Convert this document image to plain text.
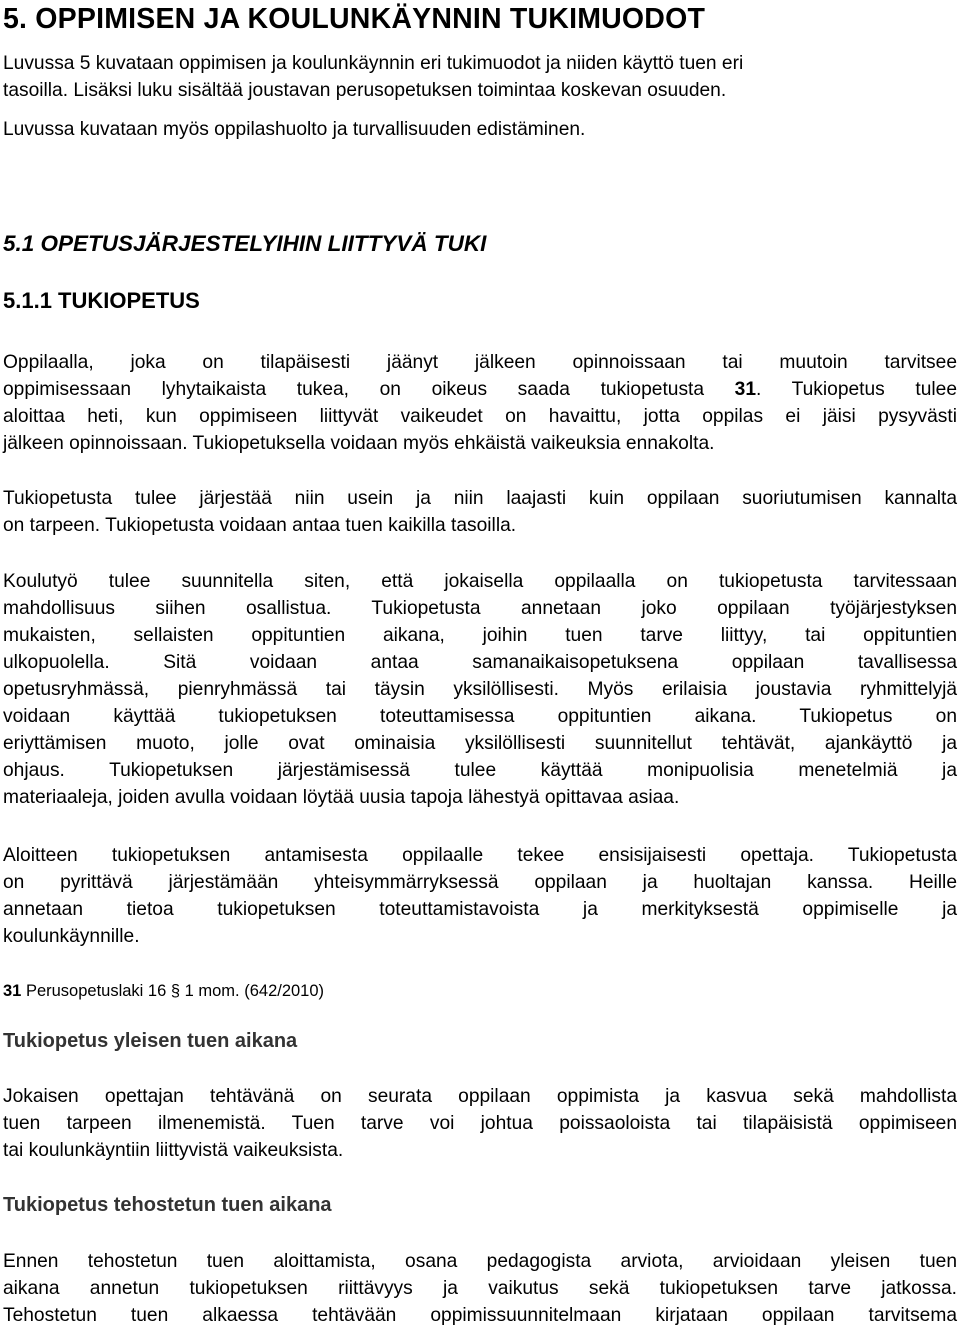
5. OPPIMISEN JA KOULUNKÄYNNIN TUKIMUODOT
Luvussa 5 kuvataan oppimisen ja koulunkäynnin eri tukimuodot ja niiden käyttö tuen eri
tasoilla. Lisäksi luku sisältää joustavan perusopetuksen toimintaa koskevan osuuden.
Luvussa kuvataan myös oppilashuolto ja turvallisuuden edistäminen.
5.1 OPETUSJÄRJESTELYIHIN LIITTYVÄ TUKI
5.1.1 TUKIOPETUS

Oppilaalla, joka on tilapäisesti jäänyt jälkeen opinnoissaan tai muutoin tarvitsee
oppimisessaan lyhytaikaista tukea, on oikeus saada tukiopetusta 31. Tukiopetus tulee
aloittaa heti, kun oppimiseen liittyvät vaikeudet on havaittu, jotta oppilas ei jäisi pysyvästi
jälkeen opinnoissaan. Tukiopetuksella voidaan myös ehkäistä vaikeuksia ennakolta.

Tukiopetusta tulee järjestää niin usein ja niin laajasti kuin oppilaan suoriutumisen kannalta
on tarpeen. Tukiopetusta voidaan antaa tuen kaikilla tasoilla.

Koulutyö tulee suunnitella siten, että jokaisella oppilaalla on tukiopetusta tarvitessaan
mahdollisuus siihen osallistua. Tukiopetusta annetaan joko oppilaan työjärjestyksen
mukaisten, sellaisten oppituntien aikana, joihin tuen tarve liittyy, tai oppituntien
ulkopuolella. Sitä voidaan antaa samanaikaisopetuksena oppilaan tavallisessa
opetusryhmässä, pienryhmässä tai täysin yksilöllisesti. Myös erilaisia joustavia ryhmittelyjä
voidaan käyttää tukiopetuksen toteuttamisessa oppituntien aikana. Tukiopetus on
eriyttämisen muoto, jolle ovat ominaisia yksilöllisesti suunnitellut tehtävät, ajankäyttö ja
ohjaus. Tukiopetuksen järjestämisessä tulee käyttää monipuolisia menetelmiä ja
materiaaleja, joiden avulla voidaan löytää uusia tapoja lähestyä opittavaa asiaa.

Aloitteen tukiopetuksen antamisesta oppilaalle tekee ensisijaisesti opettaja. Tukiopetusta
on pyrittävä järjestämään yhteisymmärryksessä oppilaan ja huoltajan kanssa. Heille
annetaan tietoa tukiopetuksen toteuttamistavoista ja merkityksestä oppimiselle ja
koulunkäynnille.

31 Perusopetuslaki 16 § 1 mom. (642/2010)

Tukiopetus yleisen tuen aikana

Jokaisen opettajan tehtävänä on seurata oppilaan oppimista ja kasvua sekä mahdollista
tuen tarpeen ilmenemistä. Tuen tarve voi johtua poissaoloista tai tilapäisistä oppimiseen
tai koulunkäyntiin liittyvistä vaikeuksista.

Tukiopetus tehostetun tuen aikana

Ennen tehostetun tuen aloittamista, osana pedagogista arviota, arvioidaan yleisen tuen
aikana annetun tukiopetuksen riittävyys ja vaikutus sekä tukiopetuksen tarve jatkossa.
Tehostetun tuen alkaessa tehtävään oppimissuunnitelmaan kirjataan oppilaan tarvitsema
